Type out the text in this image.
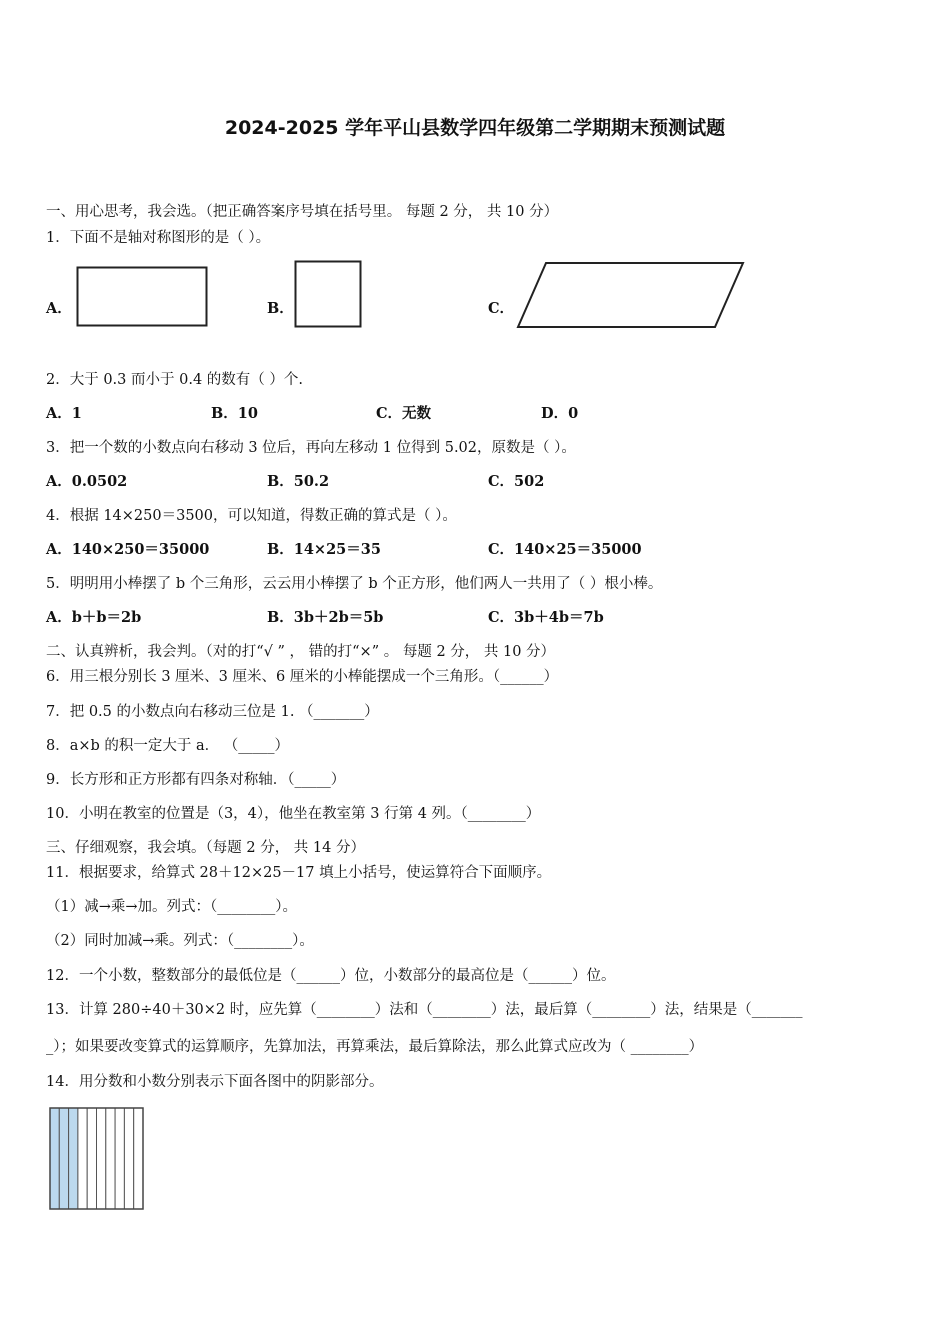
2024-2025 学年平山县数学四年级第二学期期末预测试题
一、用心思考，我会选。（把正确答案序号填在括号里。 每题 2 分， 共 10 分）
1．下面不是轴对称图形的是（ ）。
A．	B．	C．
2．大于 0.3 而小于 0.4 的数有（ ）个.
A．1	B．10	C．无数	D．0
3．把一个数的小数点向右移动 3 位后，再向左移动 1 位得到 5.02，原数是（ ）。
A．0.0502	B．50.2	C．502
4．根据 14×250＝3500，可以知道，得数正确的算式是（ ）。
A．140×250＝35000	B．14×25＝35	C．140×25＝35000
5．明明用小棒摆了 b 个三角形，云云用小棒摆了 b 个正方形，他们两人一共用了（ ）根小棒。
A．b＋b＝2b	B．3b＋2b＝5b	C．3b＋4b＝7b
二、认真辨析，我会判。（对的打“√ ” ， 错的打“×” 。 每题 2 分， 共 10 分）
6．用三根分别长 3 厘米、3 厘米、6 厘米的小棒能摆成一个三角形。（______）
7．把 0.5 的小数点向右移动三位是 1. （_______）
8．a×b 的积一定大于 a． （_____）
9．长方形和正方形都有四条对称轴．（_____）
10．小明在教室的位置是（3，4），他坐在教室第 3 行第 4 列。（________）
三、仔细观察，我会填。（每题 2 分， 共 14 分）
11．根据要求，给算式 28＋12×25－17 填上小括号，使运算符合下面顺序。
（1）减→乘→加。列式：（________）。
（2）同时加减→乘。列式：（________）。
12．一个小数，整数部分的最低位是（______）位，小数部分的最高位是（______）位。
13．计算 280÷40＋30×2 时，应先算（________）法和（________）法，最后算（________）法，结果是（_______
_）；如果要改变算式的运算顺序，先算加法，再算乘法，最后算除法，那么此算式应改为（ ________）
14．用分数和小数分别表示下面各图中的阴影部分。
